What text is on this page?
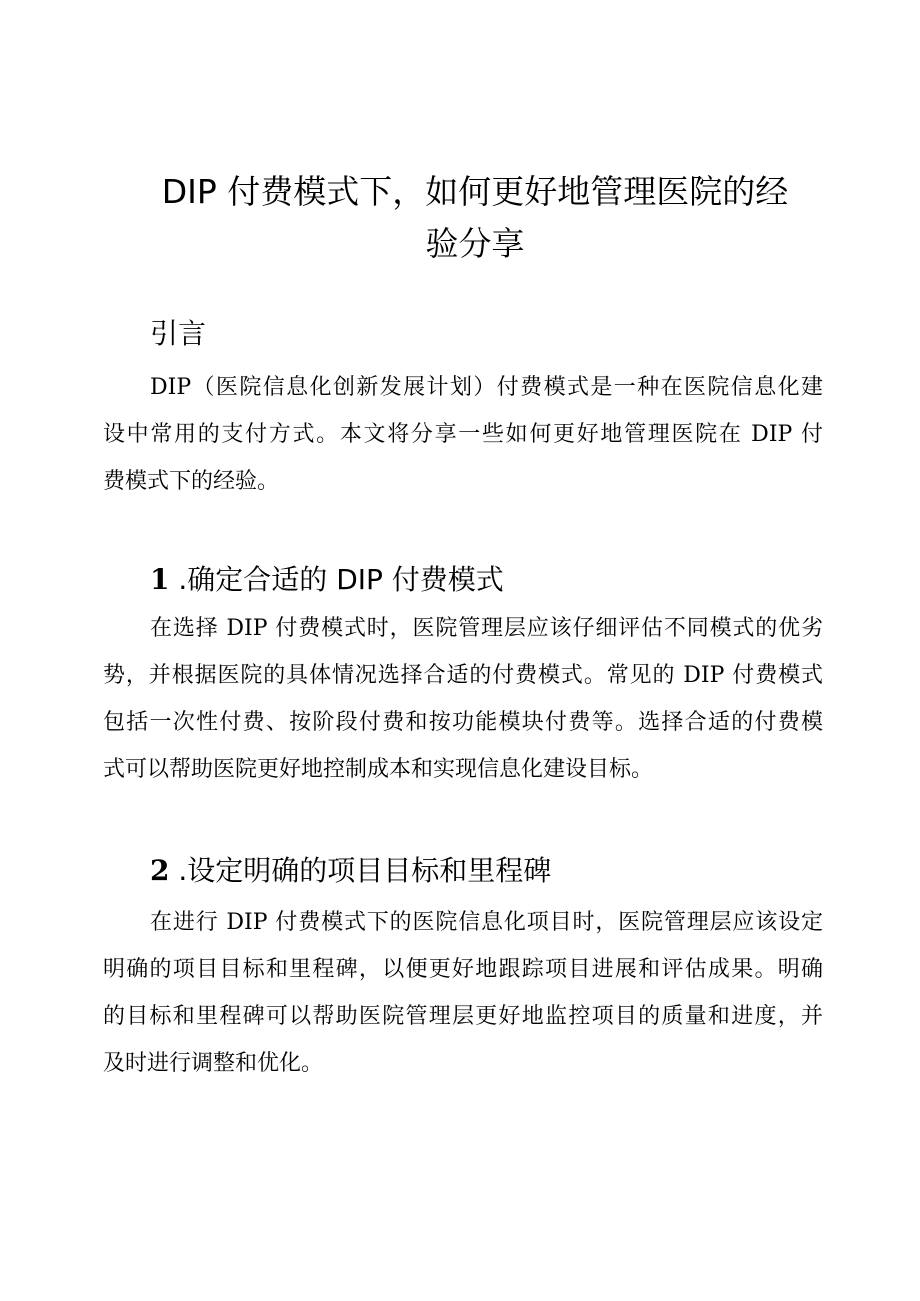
DIP 付费模式下，如何更好地管理医院的经
验分享
引言
DIP（医院信息化创新发展计划）付费模式是一种在医院信息化建
设中常用的支付方式。本文将分享一些如何更好地管理医院在 DIP 付
费模式下的经验。
1 .确定合适的 DIP 付费模式
在选择 DIP 付费模式时，医院管理层应该仔细评估不同模式的优劣
势，并根据医院的具体情况选择合适的付费模式。常见的 DIP 付费模式
包括一次性付费、按阶段付费和按功能模块付费等。选择合适的付费模
式可以帮助医院更好地控制成本和实现信息化建设目标。
2 .设定明确的项目目标和里程碑
在进行 DIP 付费模式下的医院信息化项目时，医院管理层应该设定
明确的项目目标和里程碑，以便更好地跟踪项目进展和评估成果。明确
的目标和里程碑可以帮助医院管理层更好地监控项目的质量和进度，并
及时进行调整和优化。
